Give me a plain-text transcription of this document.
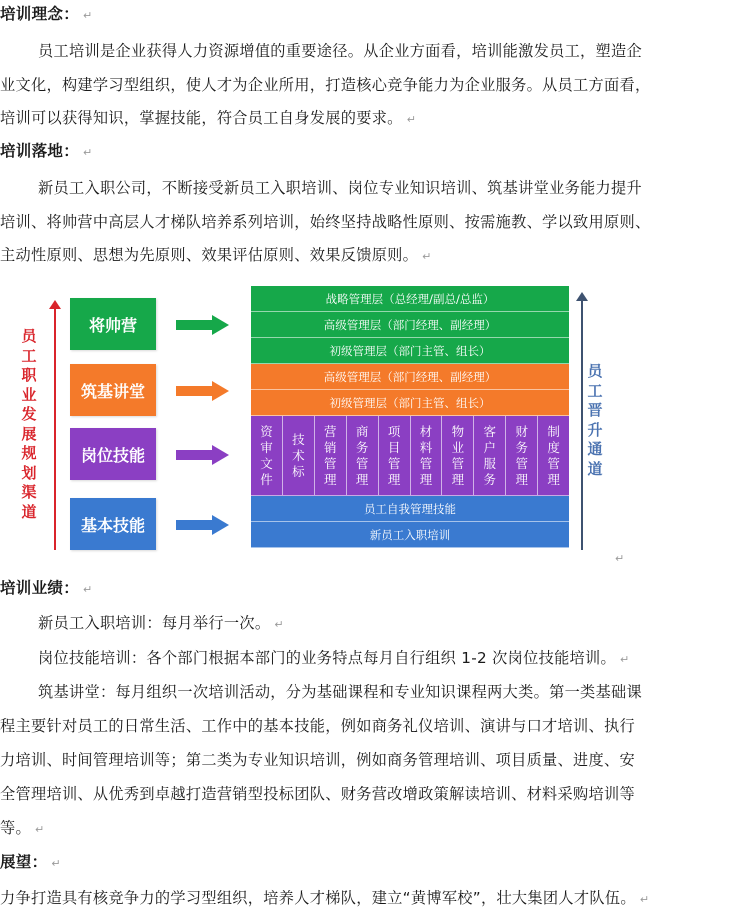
培训理念： ↵
员工培训是企业获得人力资源增值的重要途径。从企业方面看，培训能激发员工，塑造企
业文化，构建学习型组织，使人才为企业所用，打造核心竞争能力为企业服务。从员工方面看，
培训可以获得知识，掌握技能，符合员工自身发展的要求。 ↵
培训落地： ↵
新员工入职公司，不断接受新员工入职培训、岗位专业知识培训、筑基讲堂业务能力提升
培训、将帅营中高层人才梯队培养系列培训，始终坚持战略性原则、按需施教、学以致用原则、
主动性原则、思想为先原则、效果评估原则、效果反馈原则。 ↵
员工职业发展规划渠道
将帅营
筑基讲堂
岗位技能
基本技能
战略管理层（总经理/副总/总监）
高级管理层（部门经理、副经理）
初级管理层（部门主管、组长）
高级管理层（部门经理、副经理）
初级管理层（部门主管、组长）
资审文件
技术标
营销管理
商务管理
项目管理
材料管理
物业管理
客户服务
财务管理
制度管理
员工自我管理技能
新员工入职培训
员工晋升通道
↵
培训业绩： ↵
新员工入职培训：每月举行一次。 ↵
岗位技能培训：各个部门根据本部门的业务特点每月自行组织 1-2 次岗位技能培训。 ↵
筑基讲堂：每月组织一次培训活动，分为基础课程和专业知识课程两大类。第一类基础课
程主要针对员工的日常生活、工作中的基本技能，例如商务礼仪培训、演讲与口才培训、执行
力培训、时间管理培训等；第二类为专业知识培训，例如商务管理培训、项目质量、进度、安
全管理培训、从优秀到卓越打造营销型投标团队、财务营改增政策解读培训、材料采购培训等
等。 ↵
展望： ↵
力争打造具有核竞争力的学习型组织，培养人才梯队，建立“黄博军校”，壮大集团人才队伍。 ↵
